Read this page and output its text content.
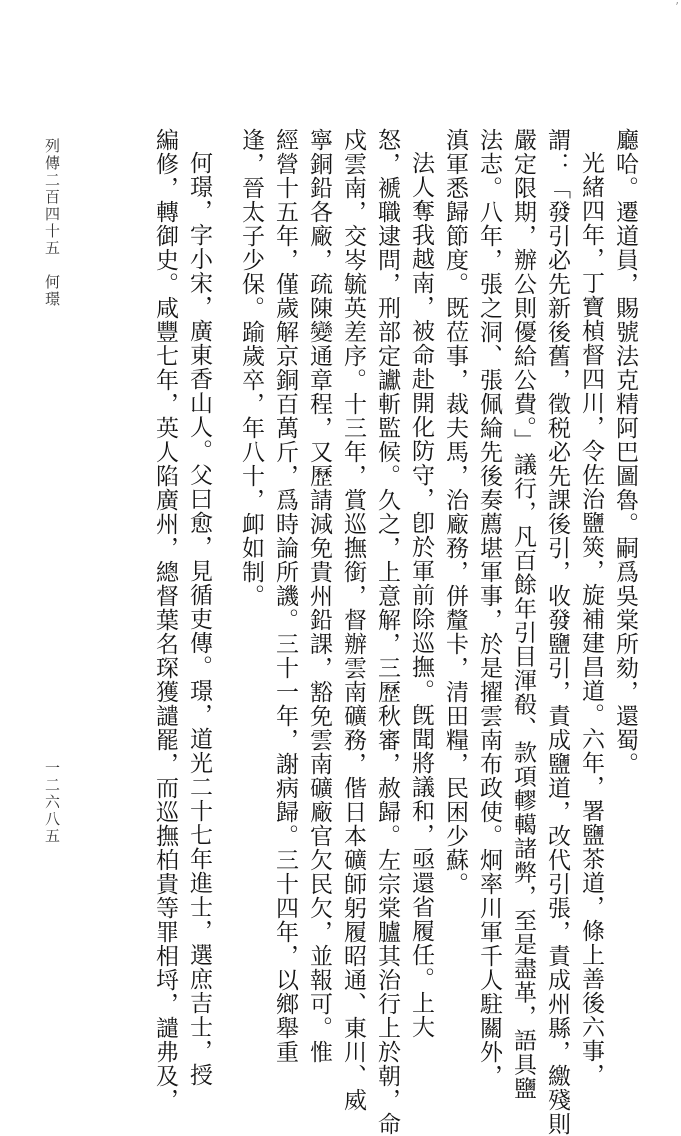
’
廳哈。遷道員，賜號法克精阿巴圖魯。嗣爲吳棠所劾，還蜀。
光緒四年，丁寶楨督四川，令佐治鹽筴，旋補建昌道。六年，署鹽茶道，條上善後六事，
謂：「發引必先新後舊，徵税必先課後引，收發鹽引，責成鹽道，改代引張，責成州縣，繳殘則
嚴定限期，辦公則優給公費。」議行，凡百餘年引目渾殽、款項轇轕諸弊，至是盡革，語具鹽
法志。八年，張之洞、張佩綸先後奏薦堪軍事，於是擢雲南布政使。炯率川軍千人駐關外，
滇軍悉歸節度。既莅事，裁夫馬，治廠務，併釐卡，清田糧，民困少蘇。
法人奪我越南，被命赴開化防守，卽於軍前除巡撫。旣聞將議和，亟還省履任。上大
怒，褫職逮問，刑部定讞斬監候。久之，上意解，三歷秋審，赦歸。左宗棠臚其治行上於朝，命
戍雲南，交岑毓英差序。十三年，賞巡撫銜，督辦雲南礦務，偕日本礦師躬履昭通、東川、威
寧銅鉛各廠，疏陳變通章程，又歷請減免貴州鉛課，豁免雲南礦廠官欠民欠，並報可。惟
經營十五年，僅歲解京銅百萬斤，爲時論所譏。三十一年，謝病歸。三十四年，以鄉舉重
逢，晉太子少保。踰歲卒，年八十，卹如制。
何璟，字小宋，廣東香山人。父曰愈，見循吏傳。璟，道光二十七年進士，選庶吉士，授
編修，轉御史。咸豐七年，英人陷廣州，總督葉名琛獲譴罷，而巡撫柏貴等罪相埒，譴弗及，
列傳二百四十五　何璟
一二六八五
